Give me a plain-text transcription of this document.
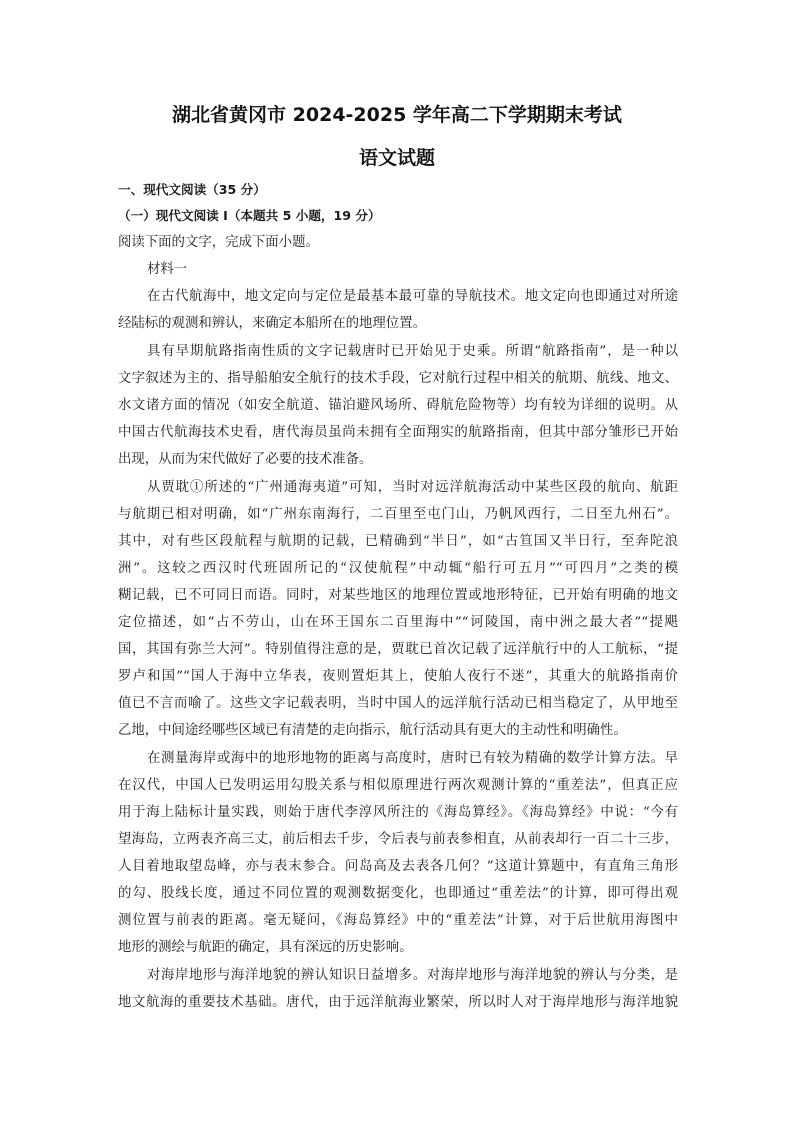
湖北省黄冈市 2024-2025 学年高二下学期期末考试
语文试题
一、现代文阅读（35 分）
（一）现代文阅读 I（本题共 5 小题，19 分）
阅读下面的文字，完成下面小题。
材料一
在古代航海中，地文定向与定位是最基本最可靠的导航技术。地文定向也即通过对所途
经陆标的观测和辨认，来确定本船所在的地理位置。
具有早期航路指南性质的文字记载唐时已开始见于史乘。所谓“航路指南”，是一种以
文字叙述为主的、指导船舶安全航行的技术手段，它对航行过程中相关的航期、航线、地文、
水文诸方面的情况（如安全航道、锚泊避风场所、碍航危险物等）均有较为详细的说明。从
中国古代航海技术史看，唐代海员虽尚未拥有全面翔实的航路指南，但其中部分雏形已开始
出现，从而为宋代做好了必要的技术准备。
从贾耽①所述的“广州通海夷道”可知，当时对远洋航海活动中某些区段的航向、航距
与航期已相对明确，如“广州东南海行，二百里至屯门山，乃帆风西行，二日至九州石”。
其中，对有些区段航程与航期的记载，已精确到“半日”，如“古笪国又半日行，至奔陀浪
洲”。这较之西汉时代班固所记的“汉使航程”中动辄“船行可五月”“可四月”之类的模
糊记载，已不可同日而语。同时，对某些地区的地理位置或地形特征，已开始有明确的地文
定位描述，如“占不劳山，山在环王国东二百里海中”“诃陵国，南中洲之最大者”“提飓
国，其国有弥兰大河”。特别值得注意的是，贾耽已首次记载了远洋航行中的人工航标，“提
罗卢和国”“国人于海中立华表，夜则置炬其上，使舶人夜行不迷”，其重大的航路指南价
值已不言而喻了。这些文字记载表明，当时中国人的远洋航行活动已相当稳定了，从甲地至
乙地，中间途经哪些区域已有清楚的走向指示，航行活动具有更大的主动性和明确性。
在测量海岸或海中的地形地物的距离与高度时，唐时已有较为精确的数学计算方法。早
在汉代，中国人已发明运用勾股关系与相似原理进行两次观测计算的“重差法”，但真正应
用于海上陆标计量实践，则始于唐代李淳风所注的《海岛算经》。《海岛算经》中说：“今有
望海岛，立两表齐高三丈，前后相去千步，令后表与前表参相直，从前表却行一百二十三步，
人目着地取望岛峰，亦与表末参合。问岛高及去表各几何？”这道计算题中，有直角三角形
的勾、股线长度，通过不同位置的观测数据变化，也即通过“重差法”的计算，即可得出观
测位置与前表的距离。毫无疑问，《海岛算经》中的“重差法”计算，对于后世航用海图中
地形的测绘与航距的确定，具有深远的历史影响。
对海岸地形与海洋地貌的辨认知识日益增多。对海岸地形与海洋地貌的辨认与分类，是
地文航海的重要技术基础。唐代，由于远洋航海业繁荣，所以时人对于海岸地形与海洋地貌
